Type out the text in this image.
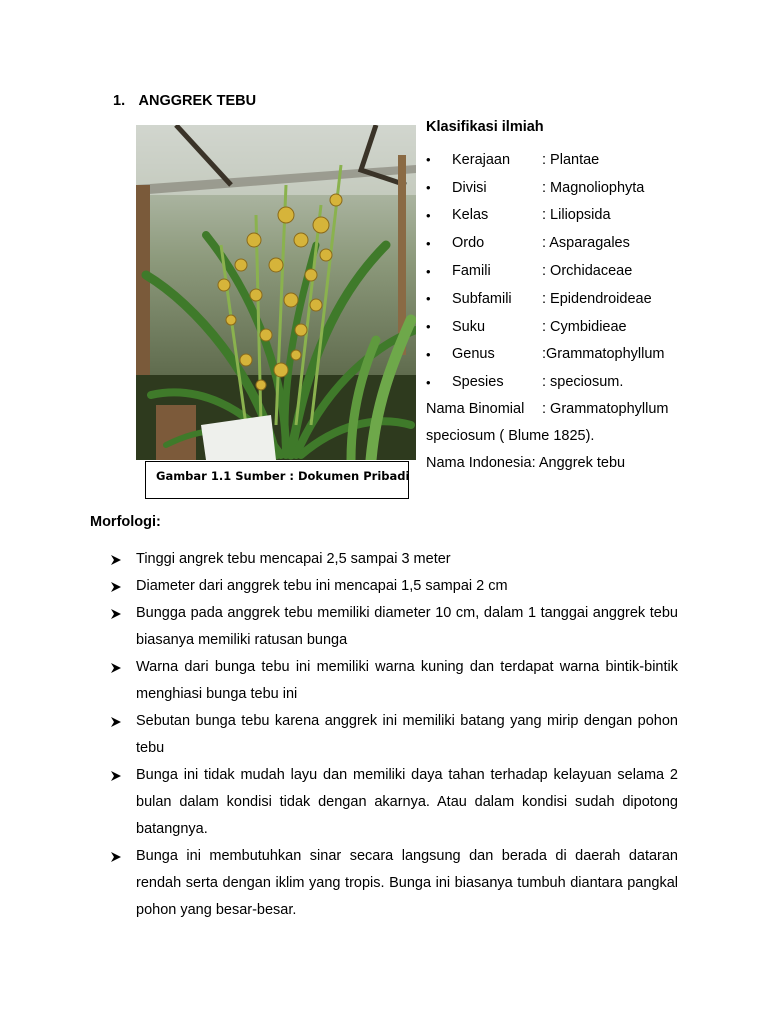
1. ANGGREK TEBU
Gambar 1.1 Sumber : Dokumen Pribadi
Klasifikasi ilmiah
•	Kerajaan	: Plantae
•	Divisi	: Magnoliophyta
•	Kelas	: Liliopsida
•	Ordo	: Asparagales
•	Famili	: Orchidaceae
•	Subfamili	: Epidendroideae
•	Suku	: Cymbidieae
•	Genus	:Grammatophyllum
•	Spesies	: speciosum.
Nama Binomial : Grammatophyllum
speciosum ( Blume 1825).
Nama Indonesia: Anggrek tebu
Morfologi:
Tinggi angrek tebu mencapai 2,5 sampai 3 meter
Diameter dari anggrek tebu ini mencapai 1,5 sampai 2 cm
Bungga pada anggrek tebu memiliki diameter 10 cm, dalam 1 tanggai anggrek tebu biasanya memiliki ratusan bunga
Warna dari bunga tebu ini memiliki warna kuning dan terdapat warna bintik-bintik menghiasi bunga tebu ini
Sebutan bunga tebu karena anggrek ini memiliki batang yang mirip dengan pohon tebu
Bunga ini tidak mudah layu dan memiliki daya tahan terhadap kelayuan selama 2 bulan dalam kondisi tidak dengan akarnya. Atau dalam kondisi sudah dipotong batangnya.
Bunga ini membutuhkan sinar secara langsung dan berada di daerah dataran rendah serta dengan iklim yang tropis. Bunga ini biasanya tumbuh diantara pangkal pohon yang besar-besar.
